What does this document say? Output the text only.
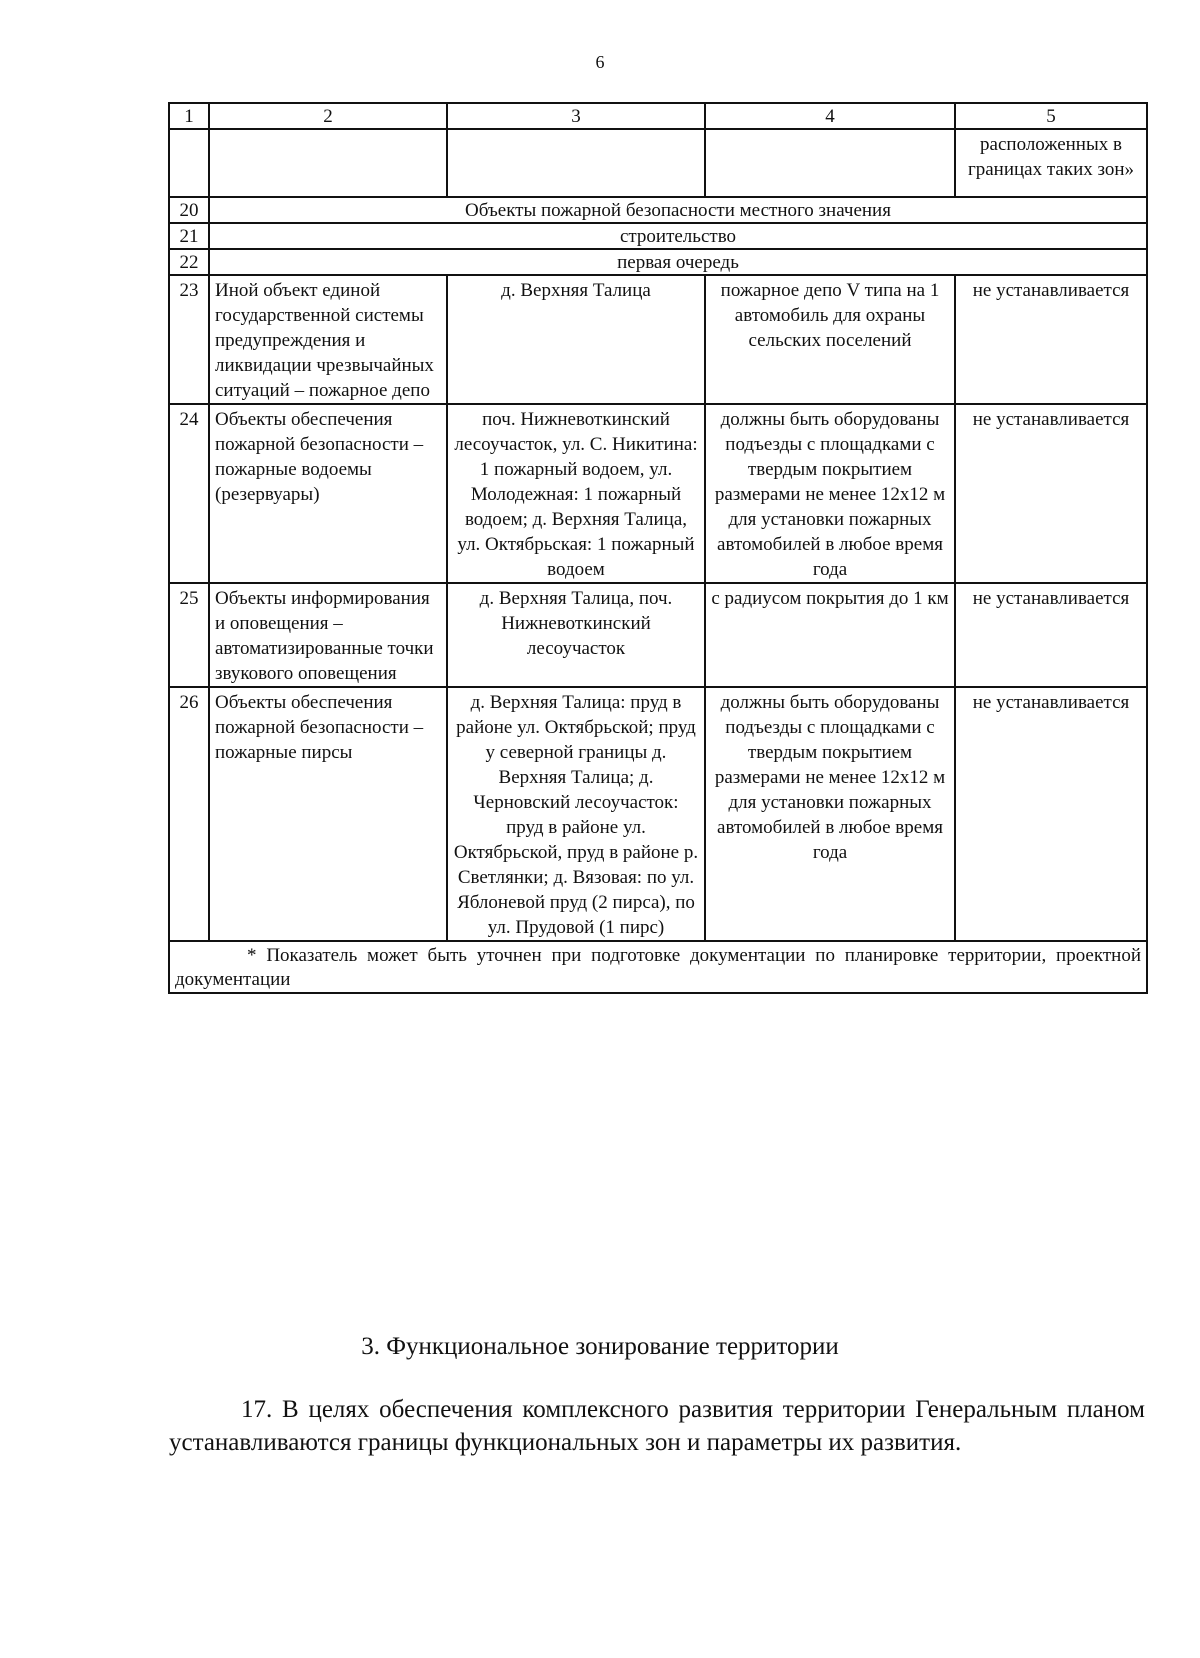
6
1	2	3	4	5
				расположенных в границах таких зон»
20	Объекты пожарной безопасности местного значения			
21	строительство			
22	первая очередь			
23	Иной объект единой государственной системы предупреждения и ликвидации чрезвычайных ситуаций – пожарное депо	д. Верхняя Талица	пожарное депо V типа на 1 автомобиль для охраны сельских поселений	не устанавливается
24	Объекты обеспечения пожарной безопасности – пожарные водоемы (резервуары)	поч. Нижневоткинский лесоучасток, ул. С. Никитина: 1 пожарный водоем, ул. Молодежная: 1 пожарный водоем; д. Верхняя Талица, ул. Октябрьская: 1 пожарный водоем	должны быть оборудованы подъезды с площадками с твердым покрытием размерами не менее 12x12 м для установки пожарных автомобилей в любое время года	не устанавливается
25	Объекты информирования и оповещения – автоматизированные точки звукового оповещения	д. Верхняя Талица, поч. Нижневоткинский лесоучасток	с радиусом покрытия до 1 км	не устанавливается
26	Объекты обеспечения пожарной безопасности – пожарные пирсы	д. Верхняя Талица: пруд в районе ул. Октябрьской; пруд у северной границы д. Верхняя Талица; д. Черновский лесоучасток: пруд в районе ул. Октябрьской, пруд в районе р. Светлянки; д. Вязовая: по ул. Яблоневой пруд (2 пирса), по ул. Прудовой (1 пирс)	должны быть оборудованы подъезды с площадками с твердым покрытием размерами не менее 12x12 м для установки пожарных автомобилей в любое время года	не устанавливается
* Показатель может быть уточнен при подготовке документации по планировке территории, проектной документации				
3. Функциональное зонирование территории
17. В целях обеспечения комплексного развития территории Генеральным планом устанавливаются границы функциональных зон и параметры их развития.
